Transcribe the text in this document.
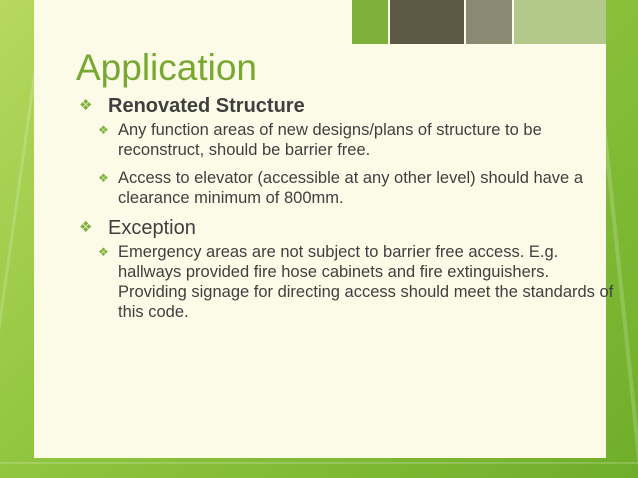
Application
❖ Renovated Structure
❖ Any function areas of new designs/plans of structure to be reconstruct, should be barrier free.
❖ Access to elevator (accessible at any other level) should have a clearance minimum of 800mm.
❖ Exception
❖ Emergency areas are not subject to barrier free access. E.g. hallways provided fire hose cabinets and fire extinguishers. Providing signage for directing access should meet the standards of this code.
